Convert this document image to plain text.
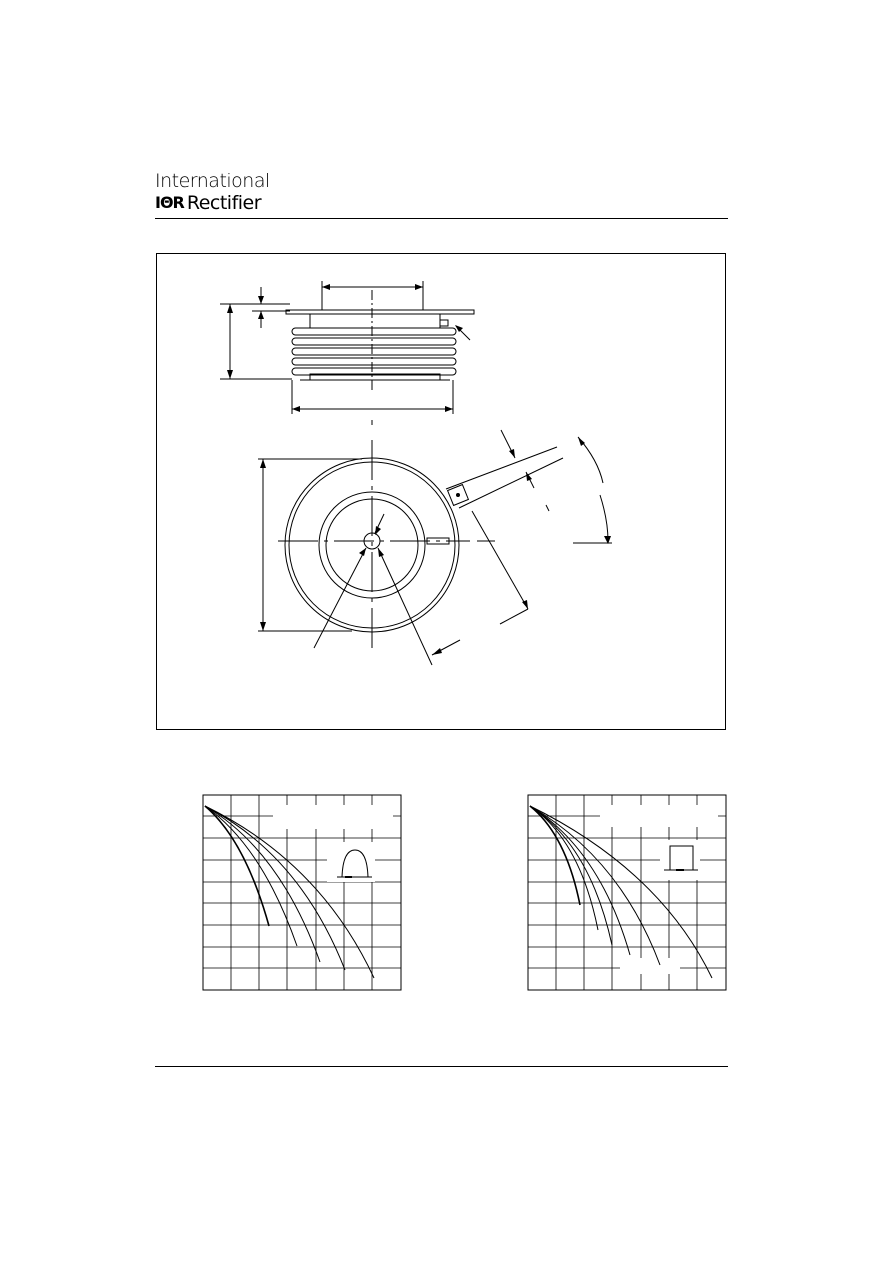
International
IΘR Rectifier
